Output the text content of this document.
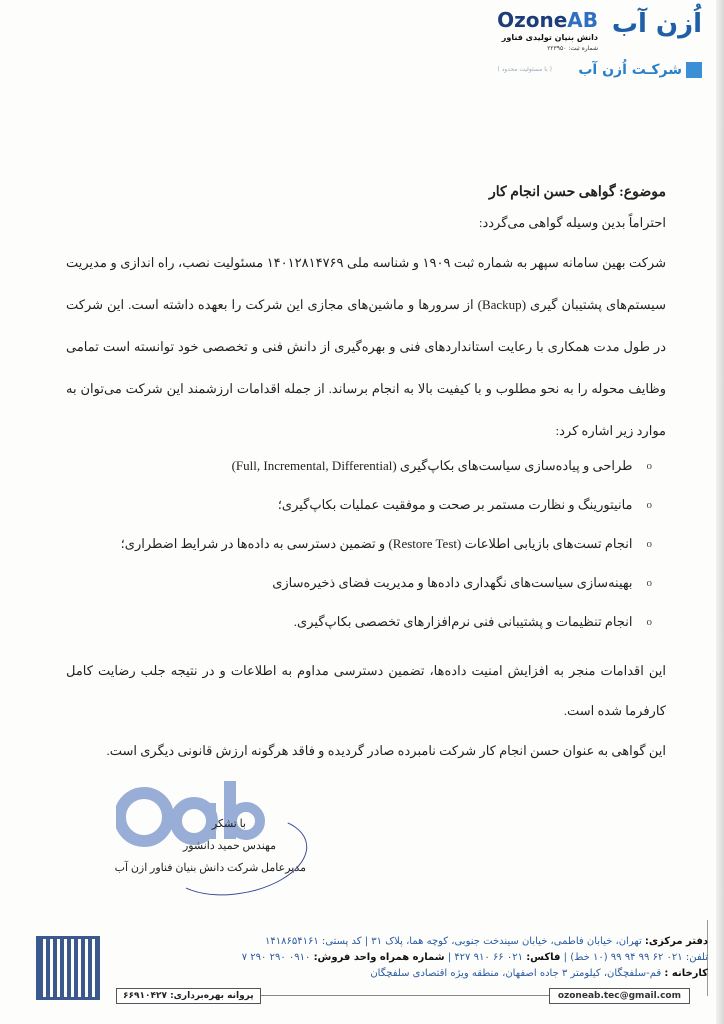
اُزن آب
OzoneAB
دانش بنیان تولیدی فناور
شماره ثبت: ۲۲۳۹۵۰
شرکـت اُزن آب
( با مسئولیت محدود )
موضوع: گواهی حسن انجام کار
احتراماً بدین وسیله گواهی می‌گردد:

شرکت بهین سامانه سپهر به شماره ثبت ۱۹۰۹ و شناسه ملی ۱۴۰۱۲۸۱۴۷۶۹ مسئولیت نصب، راه اندازی و مدیریت سیستم‌های پشتیبان گیری (Backup) از سرورها و ماشین‌های مجازی این شرکت را بعهده داشته است. این شرکت در طول مدت همکاری با رعایت استانداردهای فنی و بهره‌گیری از دانش فنی و تخصصی خود توانسته است تمامی وظایف محوله را به نحو مطلوب و با کیفیت بالا به انجام برساند. از جمله اقدامات ارزشمند این شرکت می‌توان به موارد زیر اشاره کرد:

o
طراحی و پیاده‌سازی سیاست‌های بکاپ‌گیری (Full, Incremental, Differential)
o
مانیتورینگ و نظارت مستمر بر صحت و موفقیت عملیات بکاپ‌گیری؛
o
انجام تست‌های بازیابی اطلاعات (Restore Test) و تضمین دسترسی به داده‌ها در شرایط اضطراری؛
o
بهینه‌سازی سیاست‌های نگهداری داده‌ها و مدیریت فضای ذخیره‌سازی
o
انجام تنظیمات و پشتیبانی فنی نرم‌افزارهای تخصصی بکاپ‌گیری.

این اقدامات منجر به افزایش امنیت داده‌ها، تضمین دسترسی مداوم به اطلاعات و در نتیجه جلب رضایت کامل کارفرما شده است.

این گواهی به عنوان حسن انجام کار شرکت نامبرده صادر گردیده و فاقد هرگونه ارزش قانونی دیگری است.

با تشکر
مهندس حمید دانشور
مدیرعامل شرکت دانش بنیان فناور ازن آب
دفتر مرکزی: تهران، خیابان فاطمی، خیابان سیندخت جنوبی، کوچه هما، پلاک ۳۱ | کد پستی: ۱۴۱۸۶۵۴۱۶۱
تلفن: ۰۲۱ ۶۲ ۹۹ ۹۴ ۹۹ (۱۰ خط) | فاکس: ۰۲۱ ۶۶ ۹۱۰ ۴۲۷ | شماره همراه واحد فروش: ۰۹۱۰ ۲۹۰ ۲۹۰ ۷
کارخانه : قم-سلفچگان، کیلومتر ۳ جاده اصفهان، منطقه ویژه اقتصادی سلفچگان
پروانه بهره‌برداری: ۶۶۹۱۰۴۲۷	ozoneab.tec@gmail.com
